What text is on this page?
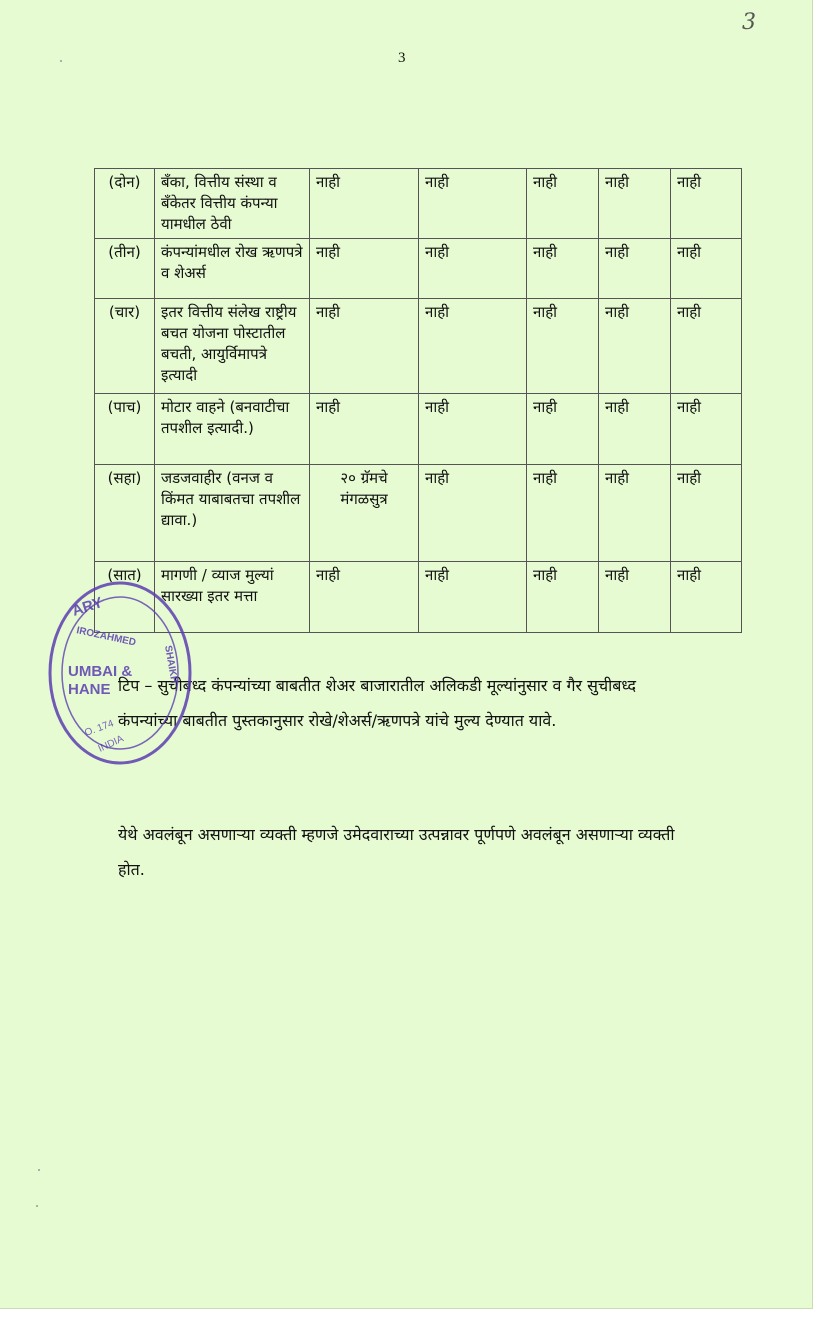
3
3
(दोन)	बॅंका, वित्तीय संस्था व बॅंकेतर वित्तीय कंपन्या यामधील ठेवी	नाही	नाही	नाही	नाही	नाही
(तीन)	कंपन्यांमधील रोख ऋणपत्रे व शेअर्स	नाही	नाही	नाही	नाही	नाही
(चार)	इतर वित्तीय संलेख राष्ट्रीय बचत योजना पोस्टातील बचती, आयुर्विमापत्रे इत्यादी	नाही	नाही	नाही	नाही	नाही
(पाच)	मोटार वाहने (बनवाटीचा तपशील इत्यादी.)	नाही	नाही	नाही	नाही	नाही
(सहा)	जडजवाहीर (वनज व किंमत याबाबतचा तपशील द्यावा.)	२० ग्रॅमचे मंगळसुत्र	नाही	नाही	नाही	नाही
(सात)	मागणी / व्याज मुल्यां सारख्या इतर मत्ता	नाही	नाही	नाही	नाही	नाही
टिप – सुचीबध्द कंपन्यांच्या बाबतीत शेअर बाजारातील अलिकडी मूल्यांनुसार व गैर सुचीबध्द कंपन्यांच्या बाबतीत पुस्तकानुसार रोखे/शेअर्स/ऋणपत्रे यांचे मुल्य देण्यात यावे.
येथे अवलंबून असणाऱ्या व्यक्ती म्हणजे उमेदवाराच्या उत्पन्नावर पूर्णपणे अवलंबून असणाऱ्या व्यक्ती होत.
ARY
IROZAHMED
SHAIKH
UMBAI &
HANE
O. 174
INDIA
